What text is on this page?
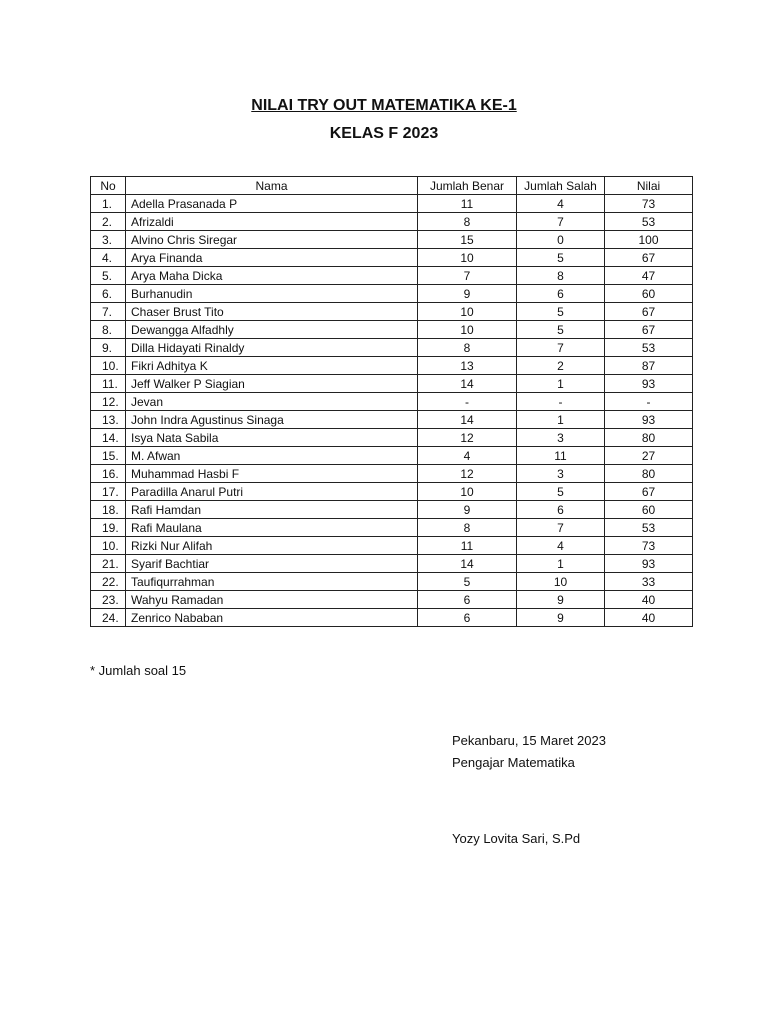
NILAI TRY OUT MATEMATIKA KE-1
KELAS F 2023
No	Nama	Jumlah Benar	Jumlah Salah	Nilai
1.	Adella Prasanada P	11	4	73
2.	Afrizaldi	8	7	53
3.	Alvino Chris Siregar	15	0	100
4.	Arya Finanda	10	5	67
5.	Arya Maha Dicka	7	8	47
6.	Burhanudin	9	6	60
7.	Chaser Brust Tito	10	5	67
8.	Dewangga Alfadhly	10	5	67
9.	Dilla Hidayati Rinaldy	8	7	53
10.	Fikri Adhitya K	13	2	87
11.	Jeff Walker P Siagian	14	1	93
12.	Jevan	-	-	-
13.	John Indra Agustinus Sinaga	14	1	93
14.	Isya Nata Sabila	12	3	80
15.	M. Afwan	4	11	27
16.	Muhammad Hasbi F	12	3	80
17.	Paradilla Anarul Putri	10	5	67
18.	Rafi Hamdan	9	6	60
19.	Rafi Maulana	8	7	53
10.	Rizki Nur Alifah	11	4	73
21.	Syarif Bachtiar	14	1	93
22.	Taufiqurrahman	5	10	33
23.	Wahyu Ramadan	6	9	40
24.	Zenrico Nababan	6	9	40
* Jumlah soal 15
Pekanbaru, 15 Maret 2023
Pengajar Matematika
Yozy Lovita Sari, S.Pd
